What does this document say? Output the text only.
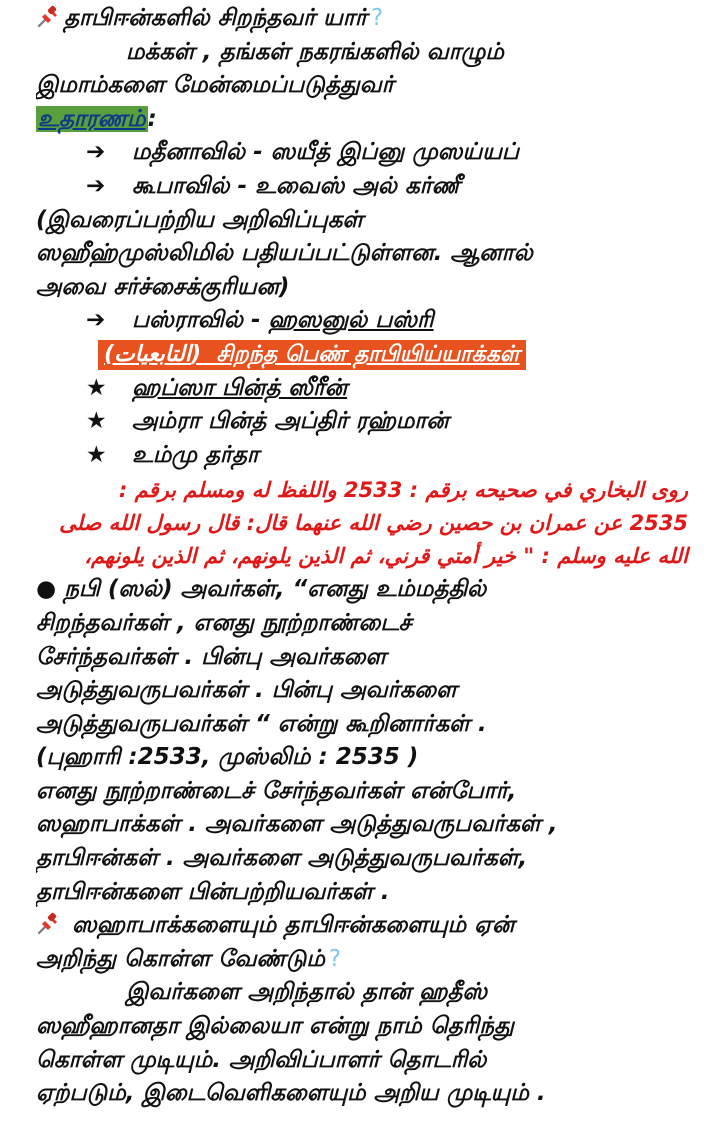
தாபிஈன்களில் சிறந்தவர் யார் ?
மக்கள் , தங்கள் நகரங்களில் வாழும்
இமாம்களை மேன்மைப்படுத்துவர்
உதாரணம்:
➔ மதீனாவில் - ஸயீத் இப்னு முஸய்யப்
➔ கூபாவில் - உவைஸ் அல் கர்ணீ
(இவரைப்பற்றிய அறிவிப்புகள்
ஸஹீஹ்முஸ்லிமில் பதியப்பட்டுள்ளன. ஆனால்
அவை சர்ச்சைக்குரியன)
➔ பஸ்ராவில் - ஹஸனுல் பஸ்ரி
(التابعيات) சிறந்த பெண் தாபியிய்யாக்கள்
★ ஹப்ஸா பின்த் ஸீரீன்
★ அம்ரா பின்த் அப்திர் ரஹ்மான்
★ உம்மு தர்தா
روى البخاري في صحيحه برقم : 2533 واللفظ له ومسلم برقم :
2535 عن عمران بن حصين رضي الله عنهما قال: قال رسول الله صلى
الله عليه وسلم : " خير أمتي قرني، ثم الذين يلونهم، ثم الذين يلونهم،
● நபி (ஸல்) அவர்கள், “எனது உம்மத்தில்
சிறந்தவர்கள் , எனது நூற்றாண்டைச்
சேர்ந்தவர்கள் . பின்பு அவர்களை
அடுத்துவருபவர்கள் . பின்பு அவர்களை
அடுத்துவருபவர்கள் “ என்று கூறினார்கள் .
(புஹாரி :2533, முஸ்லிம் : 2535 )
எனது நூற்றாண்டைச் சேர்ந்தவர்கள் என்போர்,
ஸஹாபாக்கள் . அவர்களை அடுத்துவருபவர்கள் ,
தாபிஈன்கள் . அவர்களை அடுத்துவருபவர்கள்,
தாபிஈன்களை பின்பற்றியவர்கள் .
ஸஹாபாக்களையும் தாபிஈன்களையும் ஏன்
அறிந்து கொள்ள வேண்டும் ?
இவர்களை அறிந்தால் தான் ஹதீஸ்
ஸஹீஹானதா இல்லையா என்று நாம் தெரிந்து
கொள்ள முடியும். அறிவிப்பாளர் தொடரில்
ஏற்படும், இடைவெளிகளையும் அறிய முடியும் .
